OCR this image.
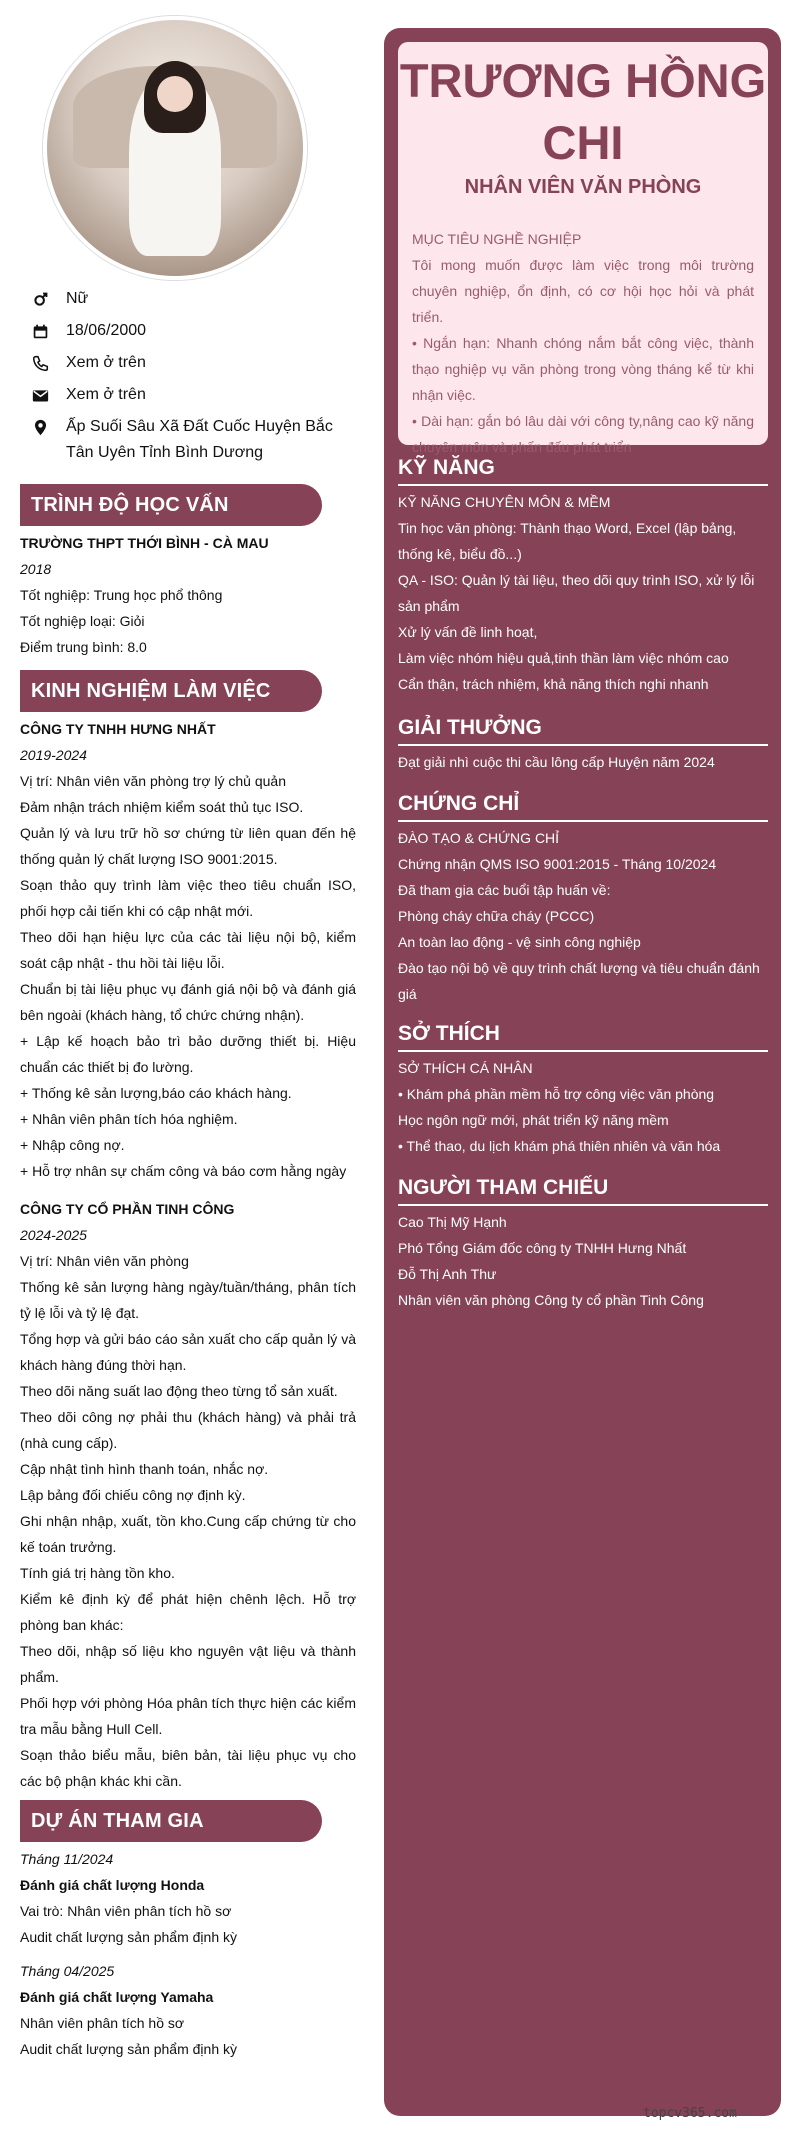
Nữ
18/06/2000
Xem ở trên
Xem ở trên
Ấp Suối Sâu Xã Đất Cuốc Huyện Bắc Tân Uyên Tỉnh Bình Dương
TRÌNH ĐỘ HỌC VẤN
TRƯỜNG THPT THỚI BÌNH - CÀ MAU
2018
Tốt nghiệp: Trung học phổ thông
Tốt nghiệp loại: Giỏi
Điểm trung bình: 8.0
KINH NGHIỆM LÀM VIỆC
CÔNG TY TNHH HƯNG NHẤT
2019-2024
Vị trí: Nhân viên văn phòng trợ lý chủ quản
Đảm nhận trách nhiệm kiểm soát thủ tục ISO.
Quản lý và lưu trữ hồ sơ chứng từ liên quan đến hệ thống quản lý chất lượng ISO 9001:2015.
Soạn thảo quy trình làm việc theo tiêu chuẩn ISO, phối hợp cải tiến khi có cập nhật mới.
Theo dõi hạn hiệu lực của các tài liệu nội bộ, kiểm soát cập nhật - thu hồi tài liệu lỗi.
Chuẩn bị tài liệu phục vụ đánh giá nội bộ và đánh giá bên ngoài (khách hàng, tổ chức chứng nhận).
+ Lập kế hoạch bảo trì bảo dưỡng thiết bị. Hiệu chuẩn các thiết bị đo lường.
+ Thống kê sản lượng,báo cáo khách hàng.
+ Nhân viên phân tích hóa nghiệm.
+ Nhập công nợ.
+ Hỗ trợ nhân sự chấm công và báo cơm hằng ngày
CÔNG TY CỔ PHẦN TINH CÔNG
2024-2025
Vị trí: Nhân viên văn phòng
Thống kê sản lượng hàng ngày/tuần/tháng, phân tích tỷ lệ lỗi và tỷ lệ đạt.
Tổng hợp và gửi báo cáo sản xuất cho cấp quản lý và khách hàng đúng thời hạn.
Theo dõi năng suất lao động theo từng tổ sản xuất.
Theo dõi công nợ phải thu (khách hàng) và phải trả (nhà cung cấp).
Cập nhật tình hình thanh toán, nhắc nợ.
Lập bảng đối chiếu công nợ định kỳ.
Ghi nhận nhập, xuất, tồn kho.Cung cấp chứng từ cho kế toán trưởng.
Tính giá trị hàng tồn kho.
Kiểm kê định kỳ để phát hiện chênh lệch. Hỗ trợ phòng ban khác:
Theo dõi, nhập số liệu kho nguyên vật liệu và thành phẩm.
Phối hợp với phòng Hóa phân tích thực hiện các kiểm tra mẫu bằng Hull Cell.
Soạn thảo biểu mẫu, biên bản, tài liệu phục vụ cho các bộ phận khác khi cần.
DỰ ÁN THAM GIA
Tháng 11/2024
Đánh giá chất lượng Honda
Vai trò: Nhân viên phân tích hồ sơ
Audit chất lượng sản phẩm định kỳ
Tháng 04/2025
Đánh giá chất lượng Yamaha
Nhân viên phân tích hồ sơ
Audit chất lượng sản phẩm định kỳ
TRƯƠNG HỒNG CHI
NHÂN VIÊN VĂN PHÒNG
MỤC TIÊU NGHỀ NGHIỆP
Tôi mong muốn được làm việc trong môi trường chuyên nghiệp, ổn định, có cơ hội học hỏi và phát triển.
• Ngắn hạn: Nhanh chóng nắm bắt công việc, thành thạo nghiệp vụ văn phòng trong vòng tháng kể từ khi nhận việc.
• Dài hạn: gắn bó lâu dài với công ty,nâng cao kỹ năng chuyên môn và phấn đấu phát triển
KỸ NĂNG
KỸ NĂNG CHUYÊN MÔN & MỀM
Tin học văn phòng: Thành thạo Word, Excel (lập bảng, thống kê, biểu đồ...)
QA - ISO: Quản lý tài liệu, theo dõi quy trình ISO, xử lý lỗi sản phẩm
Xử lý vấn đề linh hoạt,
Làm việc nhóm hiệu quả,tinh thần làm việc nhóm cao
Cẩn thận, trách nhiệm, khả năng thích nghi nhanh
GIẢI THƯỞNG
Đạt giải nhì cuộc thi cầu lông cấp Huyện năm 2024
CHỨNG CHỈ
ĐÀO TẠO & CHỨNG CHỈ
Chứng nhận QMS ISO 9001:2015 - Tháng 10/2024
Đã tham gia các buổi tập huấn về:
Phòng cháy chữa cháy (PCCC)
An toàn lao động - vệ sinh công nghiệp
Đào tạo nội bộ về quy trình chất lượng và tiêu chuẩn đánh giá
SỞ THÍCH
SỞ THÍCH CÁ NHÂN
• Khám phá phần mềm hỗ trợ công việc văn phòng
Học ngôn ngữ mới, phát triển kỹ năng mềm
• Thể thao, du lịch khám phá thiên nhiên và văn hóa
NGƯỜI THAM CHIẾU
Cao Thị Mỹ Hạnh
Phó Tổng Giám đốc công ty TNHH Hưng Nhất
Đỗ Thị Anh Thư
Nhân viên văn phòng Công ty cổ phần Tinh Công
topcv365.com
